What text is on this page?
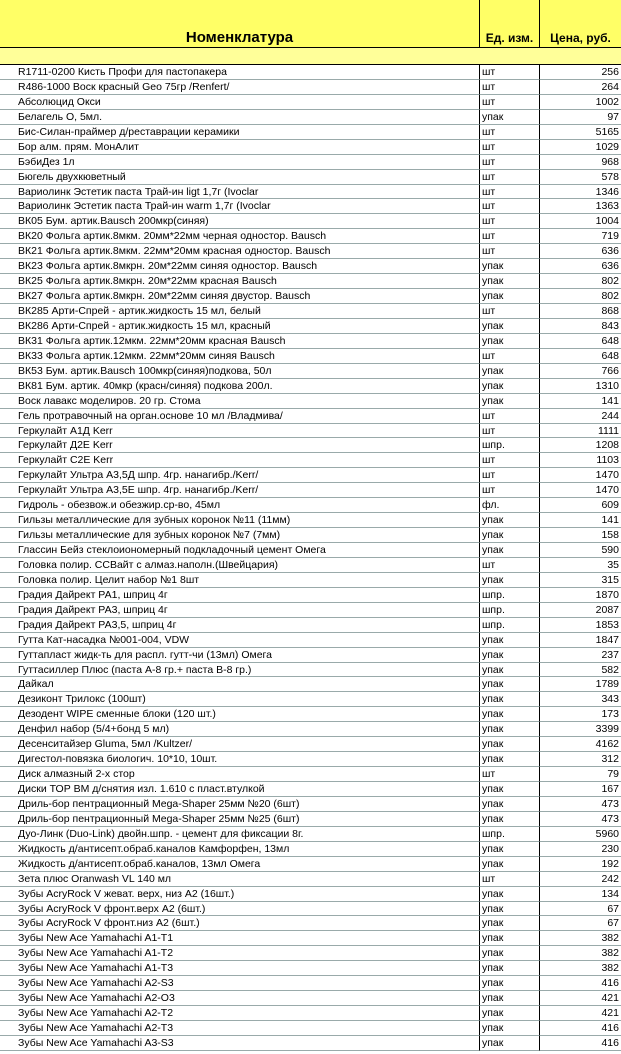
Номенклатура	Ед. изм.	Цена, руб.
R1711-0200 Кисть Профи для пастопакера	шт	256
R486-1000 Воск красный Geo 75гр /Renfert/	шт	264
Абсолюцид Окси	шт	1002
Белагель О, 5мл.	упак	97
Бис-Силан-праймер д/реставрации керамики	шт	5165
Бор алм. прям. МонАлит	шт	1029
БэбиДез 1л	шт	968
Бюгель двухкюветный	шт	578
Вариолинк Эстетик паста Трай-ин ligt 1,7г (Ivoclar	шт	1346
Вариолинк Эстетик паста Трай-ин warm 1,7г (Ivoclar	шт	1363
ВК05 Бум. артик.Bausch 200мкр(синяя)	шт	1004
ВК20 Фольга артик.8мкм. 20мм*22мм черная одностор. Bausch	шт	719
ВК21 Фольга артик.8мкм. 22мм*20мм красная одностор. Bausch	шт	636
ВК23 Фольга артик.8мкрн. 20м*22мм синяя одностор. Bausch	упак	636
ВК25 Фольга артик.8мкрн. 20м*22мм красная Bausch	упак	802
ВК27 Фольга артик.8мкрн. 20м*22мм синяя двустор. Bausch	упак	802
ВК285 Арти-Спрей - артик.жидкость 15 мл, белый	шт	868
ВК286 Арти-Спрей - артик.жидкость 15 мл, красный	упак	843
ВК31 Фольга артик.12мкм. 22мм*20мм красная Bausch	упак	648
ВК33 Фольга артик.12мкм. 22мм*20мм синяя Bausch	шт	648
ВК53 Бум. артик.Bausch 100мкр(синяя)подкова, 50л	упак	766
ВК81 Бум. артик. 40мкр (красн/синяя) подкова 200л.	упак	1310
Воск лавакс моделиров. 20 гр. Стома	упак	141
Гель протравочный на орган.основе 10 мл /Владмива/	шт	244
Геркулайт А1Д Kerr	шт	1111
Геркулайт Д2Е Kerr	шпр.	1208
Геркулайт С2Е Kerr	шт	1103
Геркулайт Ультра А3,5Д шпр. 4гр. нанагибр./Kerr/	шт	1470
Геркулайт Ультра А3,5Е шпр. 4гр. нанагибр./Kerr/	шт	1470
Гидроль - обезвож.и обезжир.ср-во, 45мл	фл.	609
Гильзы металлические для зубных коронок №11 (11мм)	упак	141
Гильзы металлические для зубных коронок №7 (7мм)	упак	158
Глассин Бейз стеклоиономерный подкладочный цемент Омега	упак	590
Головка полир. ССВайт с алмаз.наполн.(Швейцария)	шт	35
Головка полир. Целит набор №1 8шт	упак	315
Градия Дайрект РА1, шприц 4г	шпр.	1870
Градия Дайрект РА3, шприц 4г	шпр.	2087
Градия Дайрект РА3,5, шприц 4г	шпр.	1853
Гутта Кат-насадка №001-004, VDW	упак	1847
Гуттапласт жидк-ть для распл. гутт-чи (13мл) Омега	упак	237
Гуттасиллер Плюс (паста А-8 гр.+ паста В-8 гр.)	упак	582
Дайкал	упак	1789
Дезиконт Трилокс (100шт)	упак	343
Дезодент WIPE сменные блоки (120 шт.)	упак	173
Денфил набор (5/4+бонд 5 мл)	упак	3399
Десенситайзер Gluma, 5мл /Kultzer/	упак	4162
Дигестол-повязка биологич. 10*10, 10шт.	упак	312
Диск алмазный 2-х стор	шт	79
Диски ТОР ВМ д/снятия изл. 1.610 с пласт.втулкой	упак	167
Дриль-бор пентрационный Mega-Shaper 25мм №20 (6шт)	упак	473
Дриль-бор пентрационный Mega-Shaper 25мм №25 (6шт)	упак	473
Дуо-Линк (Duo-Link) двойн.шпр. - цемент для фиксации 8г.	шпр.	5960
Жидкость д/антисепт.обраб.каналов Камфорфен, 13мл	упак	230
Жидкость д/антисепт.обраб.каналов, 13мл Омега	упак	192
Зета плюс Oranwash VL 140 мл	шт	242
Зубы AcryRock V жеват. верх, низ А2 (16шт.)	упак	134
Зубы AcryRock V фронт.верх А2 (6шт.)	упак	67
Зубы AcryRock V фронт.низ А2 (6шт.)	упак	67
Зубы New Ace Yamahachi A1-T1	упак	382
Зубы New Ace Yamahachi A1-T2	упак	382
Зубы New Ace Yamahachi A1-T3	упак	382
Зубы New Ace Yamahachi A2-S3	упак	416
Зубы New Ace Yamahachi A2-O3	упак	421
Зубы New Ace Yamahachi A2-T2	упак	421
Зубы New Ace Yamahachi A2-T3	упак	416
Зубы New Ace Yamahachi A3-S3	упак	416
